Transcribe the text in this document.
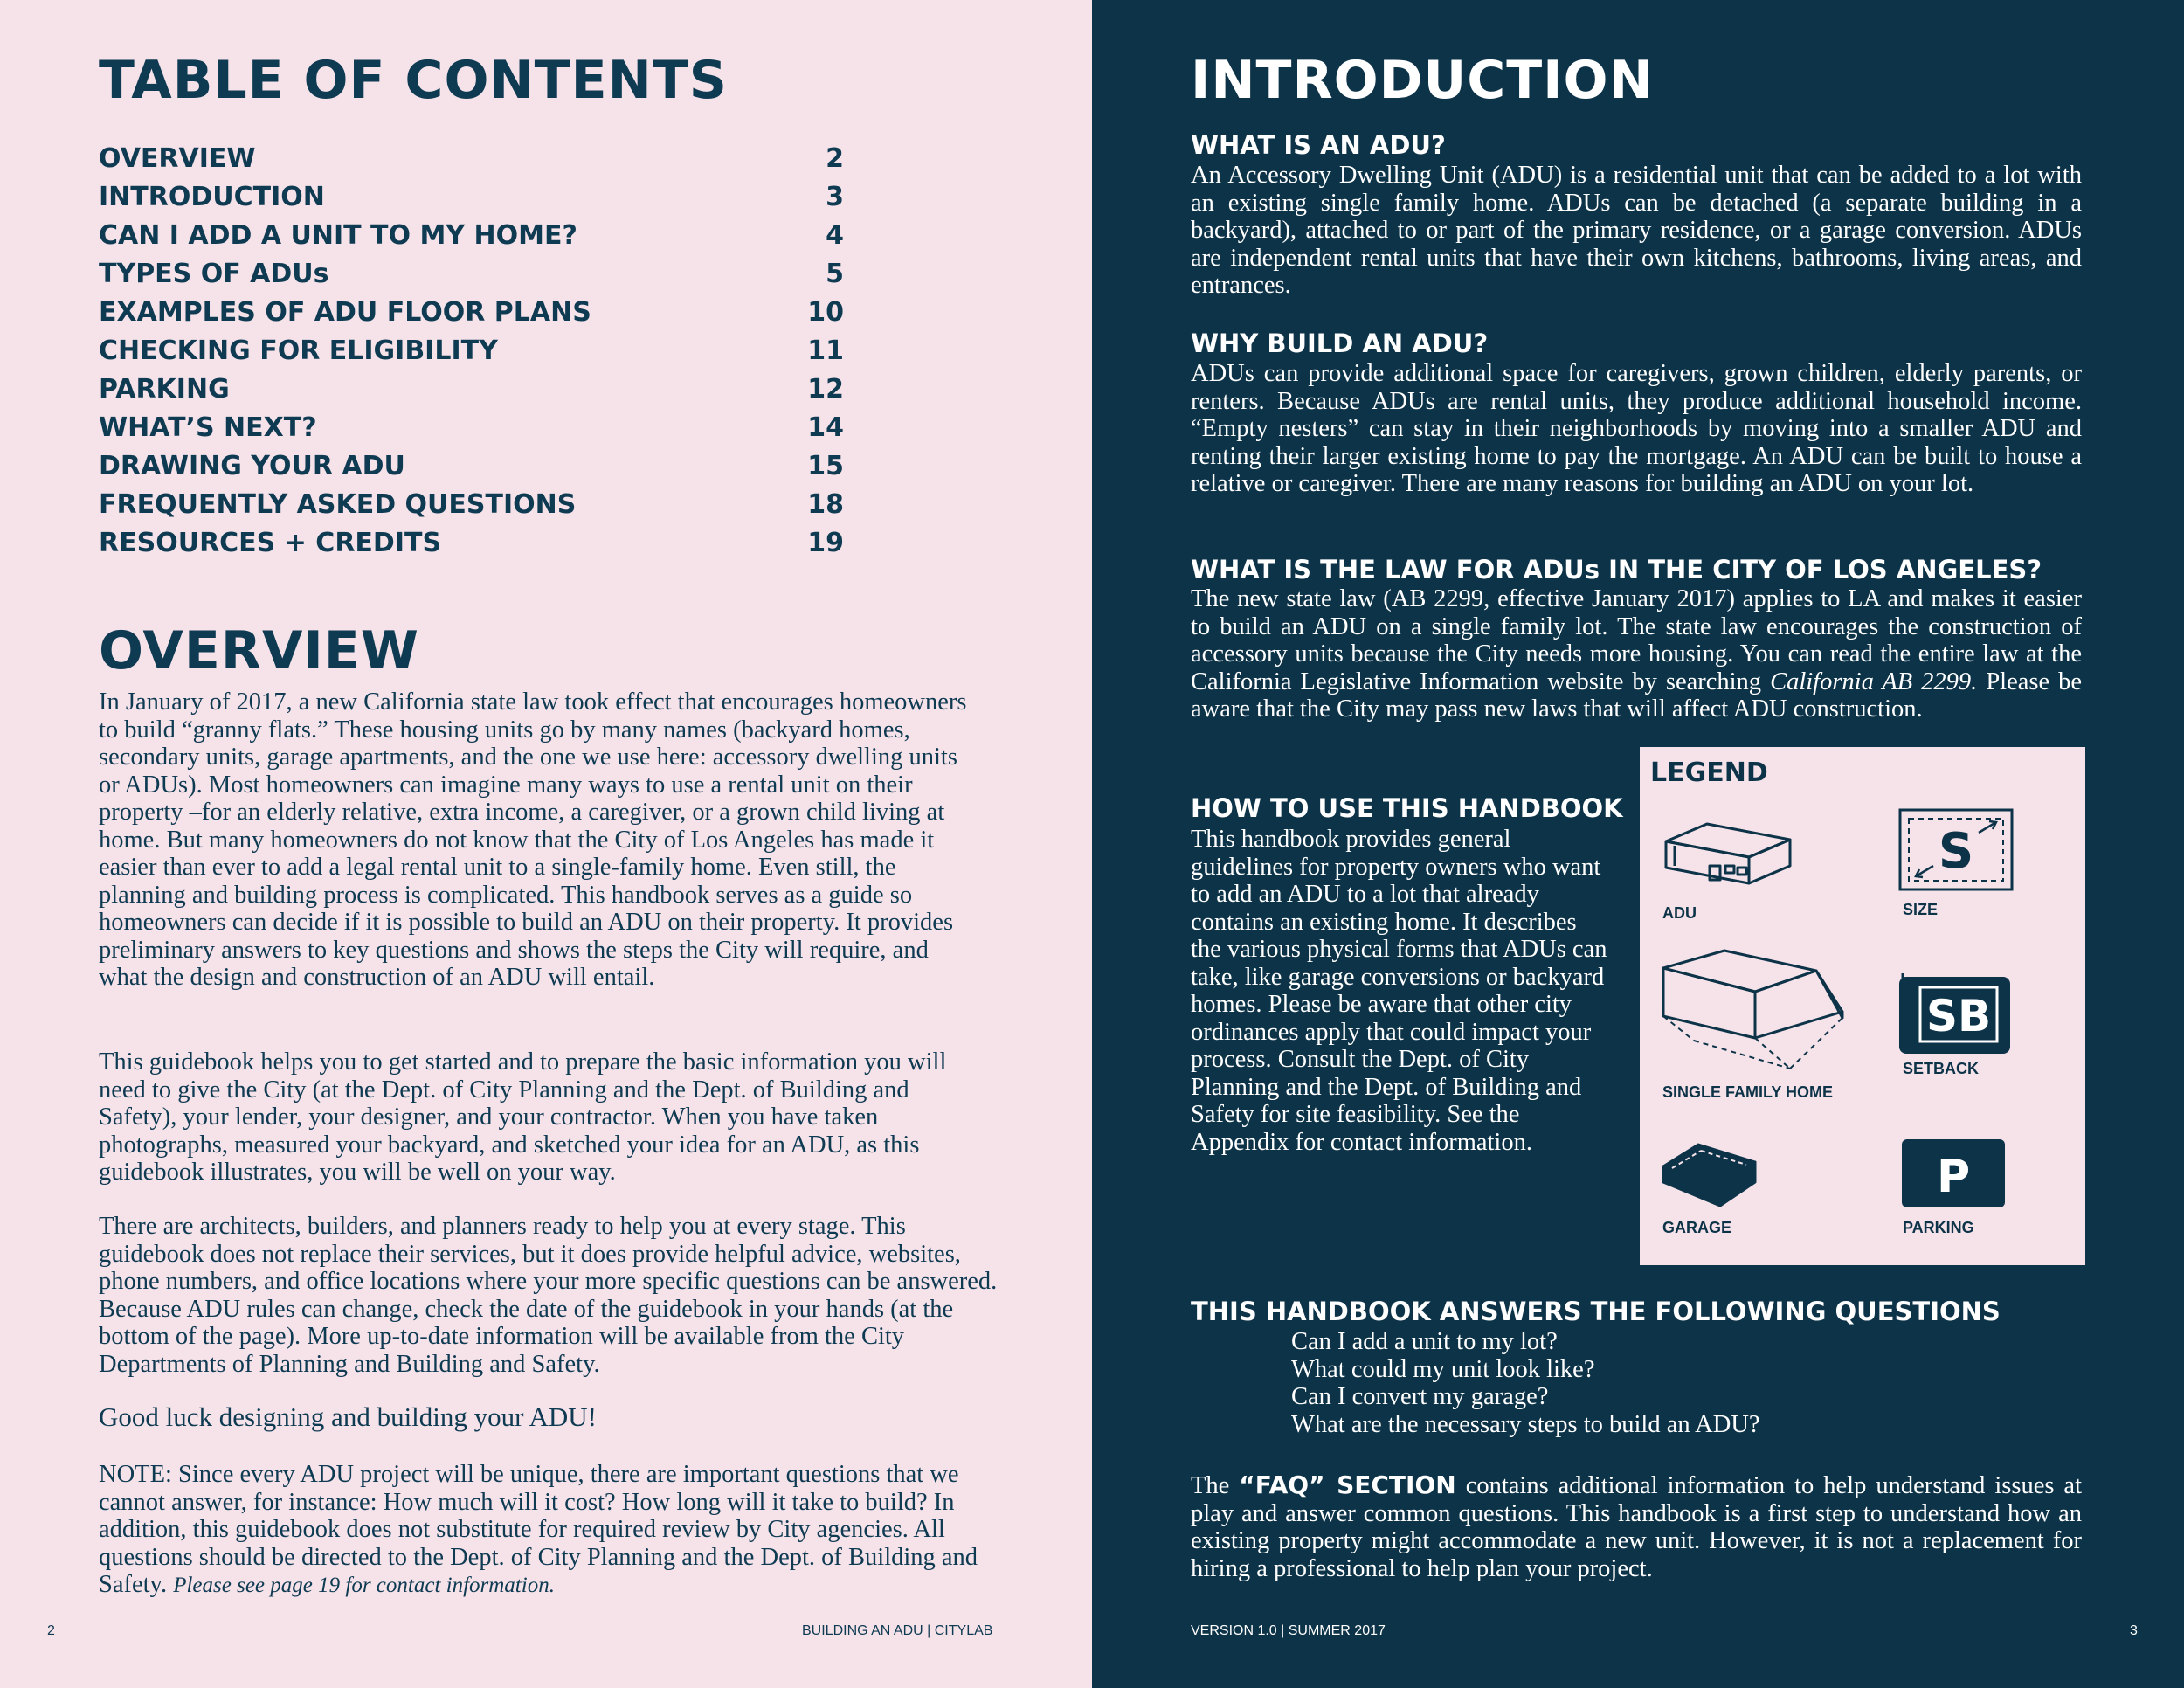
TABLE OF CONTENTS
OVERVIEW	2
INTRODUCTION	3
CAN I ADD A UNIT TO MY HOME?	4
TYPES OF ADUs	5
EXAMPLES OF ADU FLOOR PLANS	10
CHECKING FOR ELIGIBILITY	11
PARKING	12
WHAT’S NEXT?	14
DRAWING YOUR ADU	15
FREQUENTLY ASKED QUESTIONS	18
RESOURCES + CREDITS	19
OVERVIEW

In January of 2017, a new California state law took effect that encourages homeowners to build “granny flats.” These housing units go by many names (backyard homes, secondary units, garage apartments, and the one we use here: accessory dwelling units or ADUs). Most homeowners can imagine many ways to use a rental unit on their property –for an elderly relative, extra income, a caregiver, or a grown child living at home. But many homeowners do not know that the City of Los Angeles has made it easier than ever to add a legal rental unit to a single-family home. Even still, the planning and building process is complicated. This handbook serves as a guide so homeowners can decide if it is possible to build an ADU on their property. It provides preliminary answers to key questions and shows the steps the City will require, and what the design and construction of an ADU will entail.

This guidebook helps you to get started and to prepare the basic information you will need to give the City (at the Dept. of City Planning and the Dept. of Building and Safety), your lender, your designer, and your contractor. When you have taken photographs, measured your backyard, and sketched your idea for an ADU, as this guidebook illustrates, you will be well on your way.

There are architects, builders, and planners ready to help you at every stage. This guidebook does not replace their services, but it does provide helpful advice, websites, phone numbers, and office locations where your more specific questions can be answered. Because ADU rules can change, check the date of the guidebook in your hands (at the bottom of the page). More up-to-date information will be available from the City Departments of Planning and Building and Safety.

Good luck designing and building your ADU!

NOTE: Since every ADU project will be unique, there are important questions that we cannot answer, for instance: How much will it cost? How long will it take to build? In addition, this guidebook does not substitute for required review by City agencies. All questions should be directed to the Dept. of City Planning and the Dept. of Building and Safety. Please see page 19 for contact information.

2	BUILDING AN ADU | CITYLAB
INTRODUCTION
WHAT IS AN ADU?

An Accessory Dwelling Unit (ADU) is a residential unit that can be added to a lot with an existing single family home. ADUs can be detached (a separate building in a backyard), attached to or part of the primary residence, or a garage conversion. ADUs are independent rental units that have their own kitchens, bathrooms, living areas, and entrances.

WHY BUILD AN ADU?

ADUs can provide additional space for caregivers, grown children, elderly parents, or renters. Because ADUs are rental units, they produce additional household income. “Empty nesters” can stay in their neighborhoods by moving into a smaller ADU and renting their larger existing home to pay the mortgage. An ADU can be built to house a relative or caregiver. There are many reasons for building an ADU on your lot.

WHAT IS THE LAW FOR ADUs IN THE CITY OF LOS ANGELES?

The new state law (AB 2299, effective January 2017) applies to LA and makes it easier to build an ADU on a single family lot. The state law encourages the construction of accessory units because the City needs more housing. You can read the entire law at the California Legislative Information website by searching California AB 2299. Please be aware that the City may pass new laws that will affect ADU construction.

HOW TO USE THIS HANDBOOK

This handbook provides general guidelines for property owners who want to add an ADU to a lot that already contains an existing home. It describes the various physical forms that ADUs can take, like garage conversions or backyard homes. Please be aware that other city ordinances apply that could impact your process. Consult the Dept. of City Planning and the Dept. of Building and Safety for site feasibility. See the Appendix for contact information.

LEGEND
ADU
S
SIZE
SINGLE FAMILY HOME
SB
SETBACK
GARAGE
P
PARKING
THIS HANDBOOK ANSWERS THE FOLLOWING QUESTIONS
Can I add a unit to my lot?
What could my unit look like?
Can I convert my garage?
What are the necessary steps to build an ADU?

The “FAQ” SECTION contains additional information to help understand issues at play and answer common questions. This handbook is a first step to understand how an existing property might accommodate a new unit. However, it is not a replacement for hiring a professional to help plan your project.

VERSION 1.0 | SUMMER 2017	3
